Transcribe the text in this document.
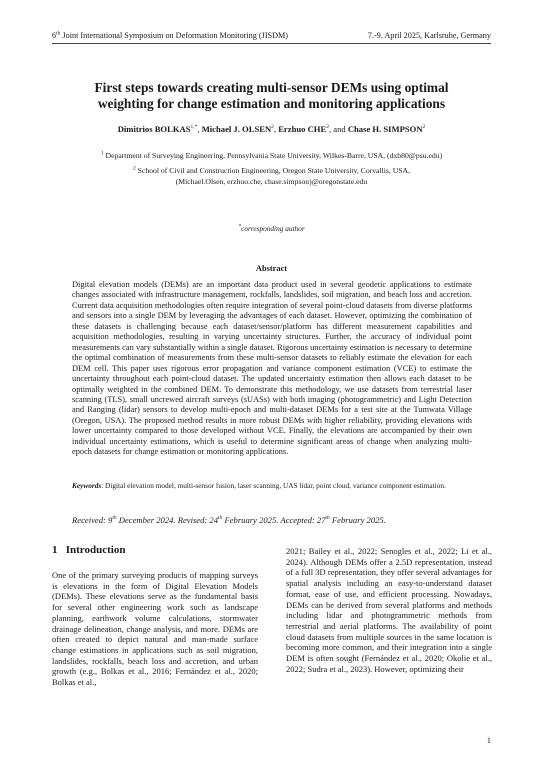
6th Joint International Symposium on Deformation Monitoring (JISDM)	7.-9. April 2025, Karlsruhe, Germany
First steps towards creating multi-sensor DEMs using optimal
weighting for change estimation and monitoring applications
Dimitrios $BOLKAS^{1,*}$, Michael J. OLSEN$^2$, Erzhuo CHE$^2$, and Chase H. SIMPSON$^2$
$^1$ Department of Surveying Engineering, Pennsylvania State University, Wilkes-Barre, USA, (dxb80@psu.edu)
$^2$ School of Civil and Construction Engineering, Oregon State University, Corvallis, USA,
(Michael.Olsen, erzhuo.che, chase.simpson)@oregonstate.edu
*corresponding author
Abstract
Digital elevation models (DEMs) are an important data product used in several geodetic applications to estimate changes associated with infrastructure management, rockfalls, landslides, soil migration, and beach loss and accretion. Current data acquisition methodologies often require integration of several point-cloud datasets from diverse platforms and sensors into a single DEM by leveraging the advantages of each dataset. However, optimizing the combination of these datasets is challenging because each dataset/sensor/platform has different measurement capabilities and acquisition methodologies, resulting in varying uncertainty structures. Further, the accuracy of individual point measurements can vary substantially within a single dataset. Rigorous uncertainty estimation is necessary to determine the optimal combination of measurements from these multi-sensor datasets to reliably estimate the elevation for each DEM cell. This paper uses rigorous error propagation and variance component estimation (VCE) to estimate the uncertainty throughout each point-cloud dataset. The updated uncertainty estimation then allows each dataset to be optimally weighted in the combined DEM. To demonstrate this methodology, we use datasets from terrestrial laser scanning (TLS), small uncrewed aircraft surveys (sUASs) with both imaging (photogrammetric) and Light Detection and Ranging (lidar) sensors to develop multi-epoch and multi-dataset DEMs for a test site at the Tumwata Village (Oregon, USA). The proposed method results in more robust DEMs with higher reliability, providing elevations with lower uncertainty compared to those developed without VCE. Finally, the elevations are accompanied by their own individual uncertainty estimations, which is useful to determine significant areas of change when analyzing multi-epoch datasets for change estimation or monitoring applications.
Keywords: Digital elevation model, multi-sensor fusion, laser scanning, UAS lidar, point cloud, variance component estimation.
Received: 9th December 2024. Revised: 24th February 2025. Accepted: 27th February 2025.
1 Introduction
One of the primary surveying products of mapping surveys is elevations in the form of Digital Elevation Models (DEMs). These elevations serve as the fundamental basis for several other engineering work such as landscape planning, earthwork volume calculations, stormwater drainage delineation, change analysis, and more. DEMs are often created to depict natural and man-made surface change estimations in applications such as soil migration, landslides, rockfalls, beach loss and accretion, and urban growth (e.g., Bolkas et al., 2016; Fernández et al., 2020; Bolkas et al.,
2021; Bailey et al., 2022; Senogles et al., 2022; Li et al., 2024). Although DEMs offer a 2.5D representation, instead of a full 3D representation, they offer several advantages for spatial analysis including an easy-to-understand dataset format, ease of use, and efficient processing. Nowadays, DEMs can be derived from several platforms and methods including lidar and photogrammetric methods from terrestrial and aerial platforms. The availability of point cloud datasets from multiple sources in the same location is becoming more common, and their integration into a single DEM is often sought (Fernández et al., 2020; Okolie et al., 2022; Sudra et al., 2023). However, optimizing their
1
